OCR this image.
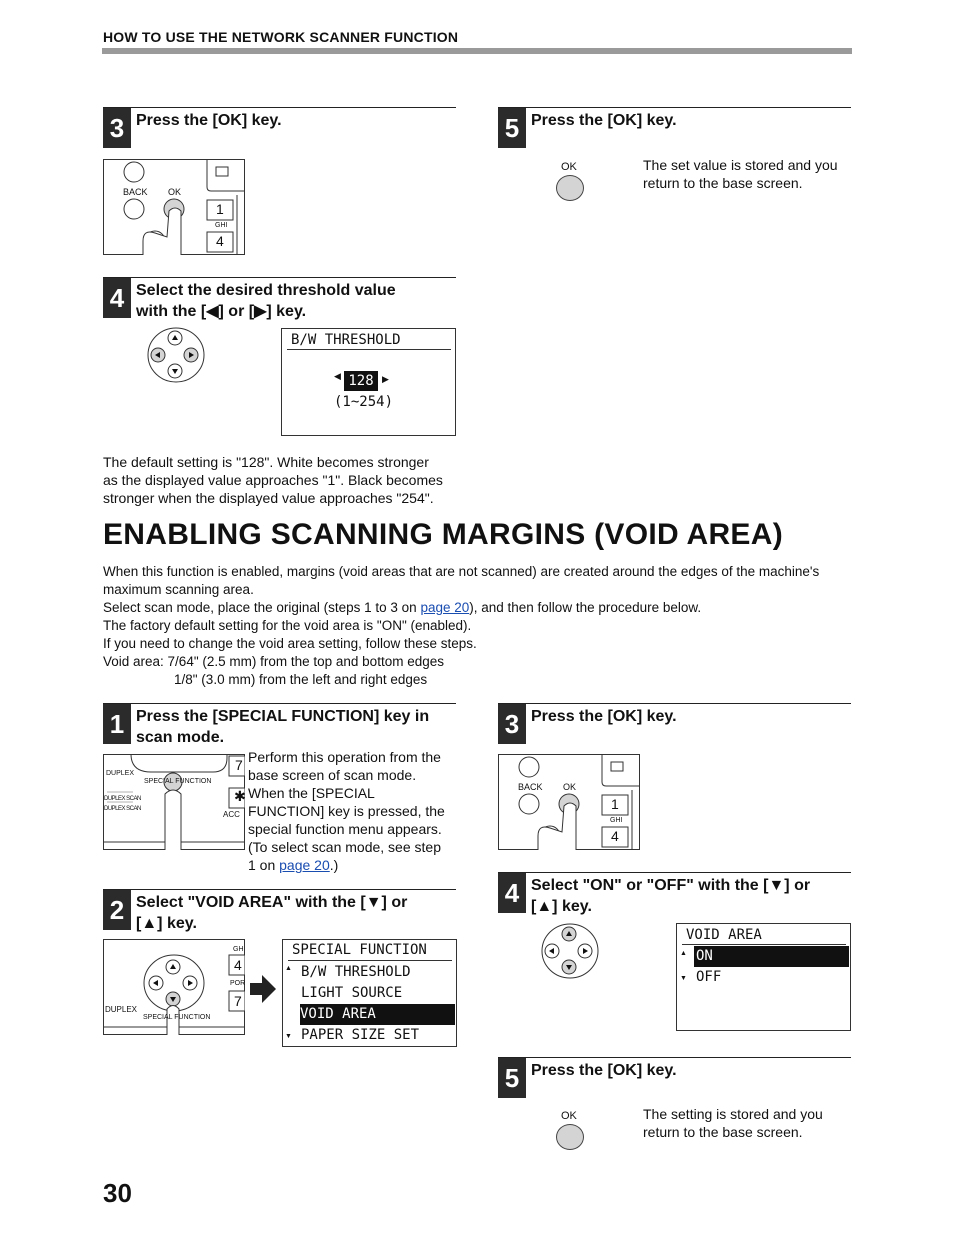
HOW TO USE THE NETWORK SCANNER FUNCTION
3 Press the [OK] key.
BACK OK
1
4
GHI
4 Select the desired threshold value
with the [◀] or [▶] key.
B/W THRESHOLD
◀ 128 ▶
(1~254)
The default setting is "128". White becomes stronger
as the displayed value approaches "1". Black becomes
stronger when the displayed value approaches "254".
5 Press the [OK] key.
OK	The set value is stored and you
return to the base screen.
ENABLING SCANNING MARGINS (VOID AREA)
When this function is enabled, margins (void areas that are not scanned) are created around the edges of the machine's
maximum scanning area.
Select scan mode, place the original (steps 1 to 3 on page 20), and then follow the procedure below.
The factory default setting for the void area is "ON" (enabled).
If you need to change the void area setting, follow these steps.
Void area: 7/64" (2.5 mm) from the top and bottom edges
1/8" (3.0 mm) from the left and right edges
1 Press the [SPECIAL FUNCTION] key in
scan mode.
DUPLEX
SPECIAL FUNCTION
DUPLEX SCAN
DUPLEX SCAN
ACC
7
✱
Perform this operation from the
base screen of scan mode.
When the [SPECIAL
FUNCTION] key is pressed, the
special function menu appears.
(To select scan mode, see step
1 on page 20.)
2 Select "VOID AREA" with the [▼] or
[▲] key.
DUPLEX
SPECIAL FUNCTION
4
7
GH
POR
SPECIAL FUNCTION
▲ B/W THRESHOLD
LIGHT SOURCE
VOID AREA
PAPER SIZE SET
▼
3 Press the [OK] key.
BACK OK
1
4
GHI
4 Select "ON" or "OFF" with the [▼] or
[▲] key.
VOID AREA
▲ ON
OFF
▼
5 Press the [OK] key.
OK	The setting is stored and you
return to the base screen.
30
